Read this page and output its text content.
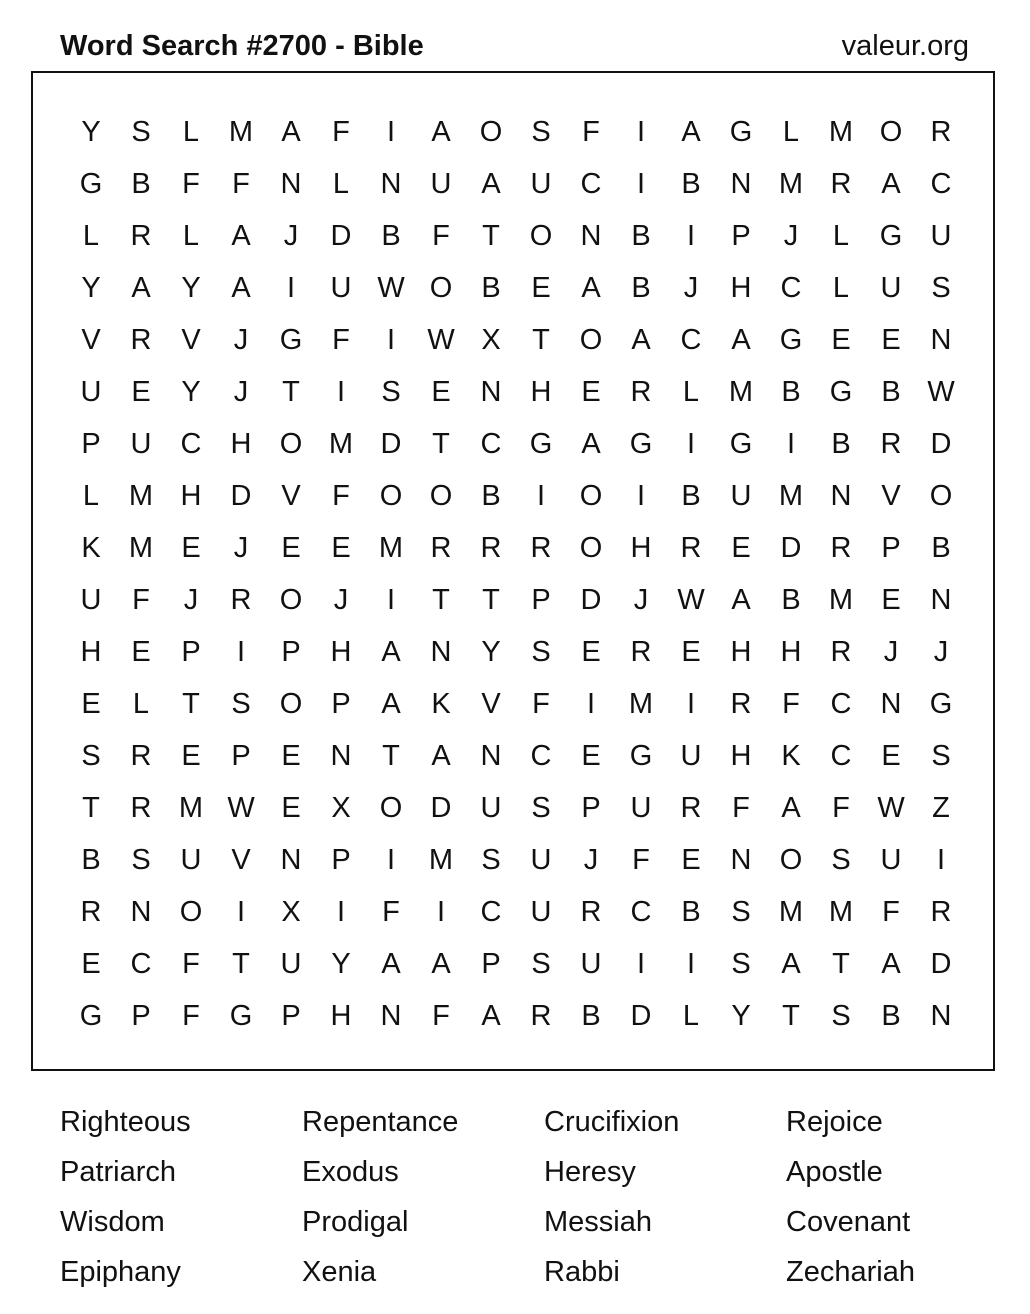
Word Search #2700 - Bible	valeur.org
Y	S	L	M A	F	I	A	O	S	F	I	A	G	L	M O R
G	B	F	F	N	L	N	U	A	U	C	I	B	N M R	A	C
L	R	L	A	J	D	B	F	T	O N	B	I	P	J	L	G U
Y	A	Y	A	I	U W O	B	E	A	B	J	H	C	L	U	S
V	R	V	J	G	F	I	W X	T	O	A	C	A	G	E	E	N
U	E	Y	J	T	I	S	E	N	H	E	R	L	M B	G	B W
P	U	C	H O M D	T	C G	A	G	I	G	I	B	R	D
L	M H	D	V	F	O O	B	I	O	I	B	U M N	V	O
K M E	J	E	E M R	R	R O H	R	E	D	R	P	B
U	F	J	R O	J	I	T	T	P	D	J	W A	B M E	N
H	E	P	I	P	H	A	N	Y	S	E	R	E	H	H	R	J	J
E	L	T	S	O	P	A	K	V	F	I	M	I	R	F	C	N G
S	R	E	P	E	N	T	A	N	C	E	G U	H	K	C	E	S
T	R M W E	X	O D	U	S	P	U	R	F	A	F W Z
B	S	U	V	N	P	I	M S	U	J	F	E	N O	S	U	I
R	N O	I	X	I	F	I	C	U	R	C	B	S M M	F	R
E	C	F	T	U	Y	A	A	P	S	U	I	I	S	A	T	A	D
G	P	F	G	P	H	N	F	A	R	B	D	L	Y	T	S	B	N
Righteous	Repentance	Crucifixion	Rejoice
Patriarch	Exodus	Heresy	Apostle
Wisdom	Prodigal	Messiah	Covenant
Epiphany	Xenia	Rabbi	Zechariah
